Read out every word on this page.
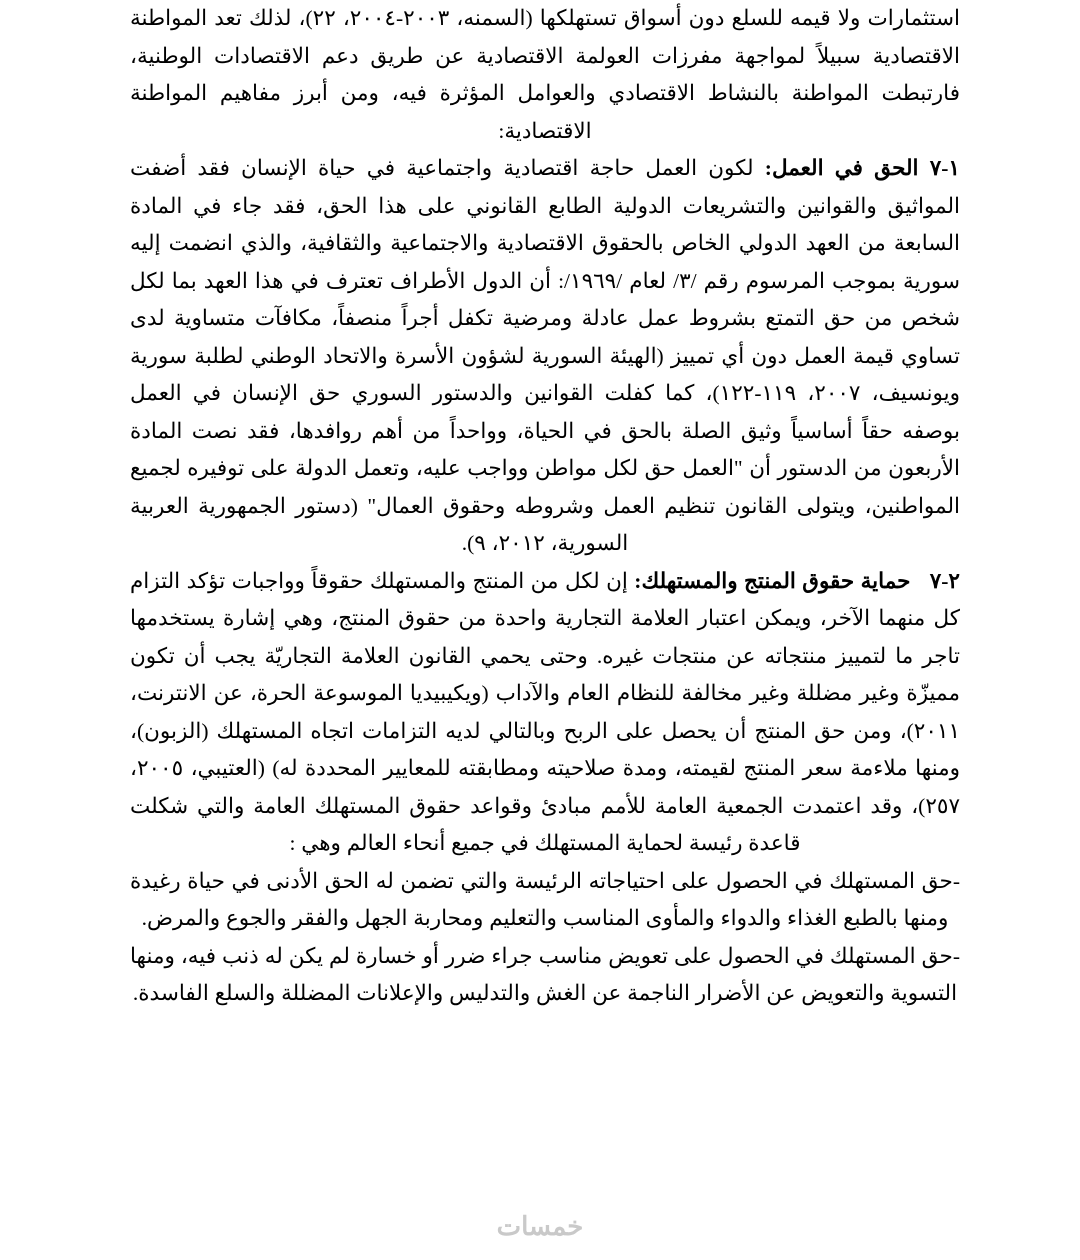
استثمارات ولا قيمه للسلع دون أسواق تستهلكها (السمنه، ٢٠٠٣-٢٠٠٤، ٢٢)، لذلك تعد المواطنة الاقتصادية سبيلاً لمواجهة مفرزات العولمة الاقتصادية عن طريق دعم الاقتصادات الوطنية، فارتبطت المواطنة بالنشاط الاقتصادي والعوامل المؤثرة فيه، ومن أبرز مفاهيم المواطنة الاقتصادية:

١-٧ الحق في العمل: لكون العمل حاجة اقتصادية واجتماعية في حياة الإنسان فقد أضفت المواثيق والقوانين والتشريعات الدولية الطابع القانوني على هذا الحق، فقد جاء في المادة السابعة من العهد الدولي الخاص بالحقوق الاقتصادية والاجتماعية والثقافية، والذي انضمت إليه سورية بموجب المرسوم رقم /٣/ لعام /١٩٦٩/: أن الدول الأطراف تعترف في هذا العهد بما لكل شخص من حق التمتع بشروط عمل عادلة ومرضية تكفل أجراً منصفاً، مكافآت متساوية لدى تساوي قيمة العمل دون أي تمييز (الهيئة السورية لشؤون الأسرة والاتحاد الوطني لطلبة سورية ويونسيف، ٢٠٠٧، ١١٩-١٢٢)، كما كفلت القوانين والدستور السوري حق الإنسان في العمل بوصفه حقاً أساسياً وثيق الصلة بالحق في الحياة، وواحداً من أهم روافدها، فقد نصت المادة الأربعون من الدستور أن "العمل حق لكل مواطن وواجب عليه، وتعمل الدولة على توفيره لجميع المواطنين، ويتولى القانون تنظيم العمل وشروطه وحقوق العمال" (دستور الجمهورية العربية السورية، ٢٠١٢، ٩).

٢-٧   حماية حقوق المنتج والمستهلك: إن لكل من المنتج والمستهلك حقوقاً وواجبات تؤكد التزام كل منهما الآخر، ويمكن اعتبار العلامة التجارية واحدة من حقوق المنتج، وهي إشارة يستخدمها تاجر ما لتمييز منتجاته عن منتجات غيره. وحتى يحمي القانون العلامة التجاريّة يجب أن تكون مميزّة وغير مضللة وغير مخالفة للنظام العام والآداب (ويكيبيديا الموسوعة الحرة، عن الانترنت، ٢٠١١)، ومن حق المنتج أن يحصل على الربح وبالتالي لديه التزامات اتجاه المستهلك (الزبون)، ومنها ملاءمة سعر المنتج لقيمته، ومدة صلاحيته ومطابقته للمعايير المحددة له) (العتيبي، ٢٠٠٥، ٢٥٧)، وقد اعتمدت الجمعية العامة للأمم مبادئ وقواعد حقوق المستهلك العامة والتي شكلت قاعدة رئيسة لحماية المستهلك في جميع أنحاء العالم وهي :

-حق المستهلك في الحصول على احتياجاته الرئيسة والتي تضمن له الحق الأدنى في حياة رغيدة ومنها بالطبع الغذاء والدواء والمأوى المناسب والتعليم ومحاربة الجهل والفقر والجوع والمرض.

-حق المستهلك في الحصول على تعويض مناسب جراء ضرر أو خسارة لم يكن له ذنب فيه، ومنها التسوية والتعويض عن الأضرار الناجمة عن الغش والتدليس والإعلانات المضللة والسلع الفاسدة.

خمسات
